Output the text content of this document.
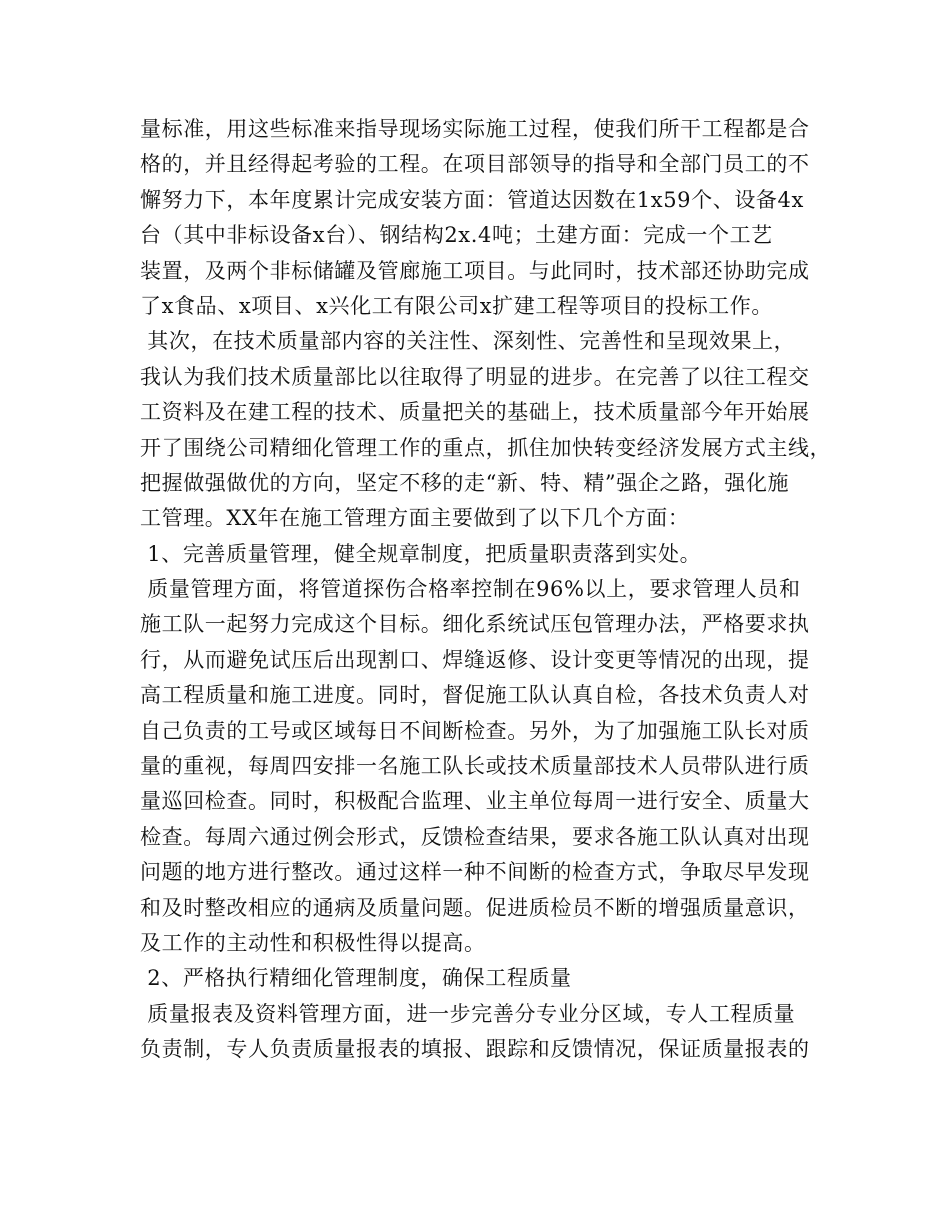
量标准，用这些标准来指导现场实际施工过程，使我们所干工程都是合
格的，并且经得起考验的工程。在项目部领导的指导和全部门员工的不
懈努力下，本年度累计完成安装方面：管道达因数在1x59个、设备4x
台（其中非标设备x台）、钢结构2x.4吨；土建方面：完成一个工艺
装置，及两个非标储罐及管廊施工项目。与此同时，技术部还协助完成
了x食品、x项目、x兴化工有限公司x扩建工程等项目的投标工作。
其次，在技术质量部内容的关注性、深刻性、完善性和呈现效果上，
我认为我们技术质量部比以往取得了明显的进步。在完善了以往工程交
工资料及在建工程的技术、质量把关的基础上，技术质量部今年开始展
开了围绕公司精细化管理工作的重点，抓住加快转变经济发展方式主线，
把握做强做优的方向，坚定不移的走“新、特、精”强企之路，强化施
工管理。XX年在施工管理方面主要做到了以下几个方面：
1、完善质量管理，健全规章制度，把质量职责落到实处。
质量管理方面，将管道探伤合格率控制在96%以上，要求管理人员和
施工队一起努力完成这个目标。细化系统试压包管理办法，严格要求执
行，从而避免试压后出现割口、焊缝返修、设计变更等情况的出现，提
高工程质量和施工进度。同时，督促施工队认真自检，各技术负责人对
自己负责的工号或区域每日不间断检查。另外，为了加强施工队长对质
量的重视，每周四安排一名施工队长或技术质量部技术人员带队进行质
量巡回检查。同时，积极配合监理、业主单位每周一进行安全、质量大
检查。每周六通过例会形式，反馈检查结果，要求各施工队认真对出现
问题的地方进行整改。通过这样一种不间断的检查方式，争取尽早发现
和及时整改相应的通病及质量问题。促进质检员不断的增强质量意识，
及工作的主动性和积极性得以提高。
2、严格执行精细化管理制度，确保工程质量
质量报表及资料管理方面，进一步完善分专业分区域，专人工程质量
负责制，专人负责质量报表的填报、跟踪和反馈情况，保证质量报表的
